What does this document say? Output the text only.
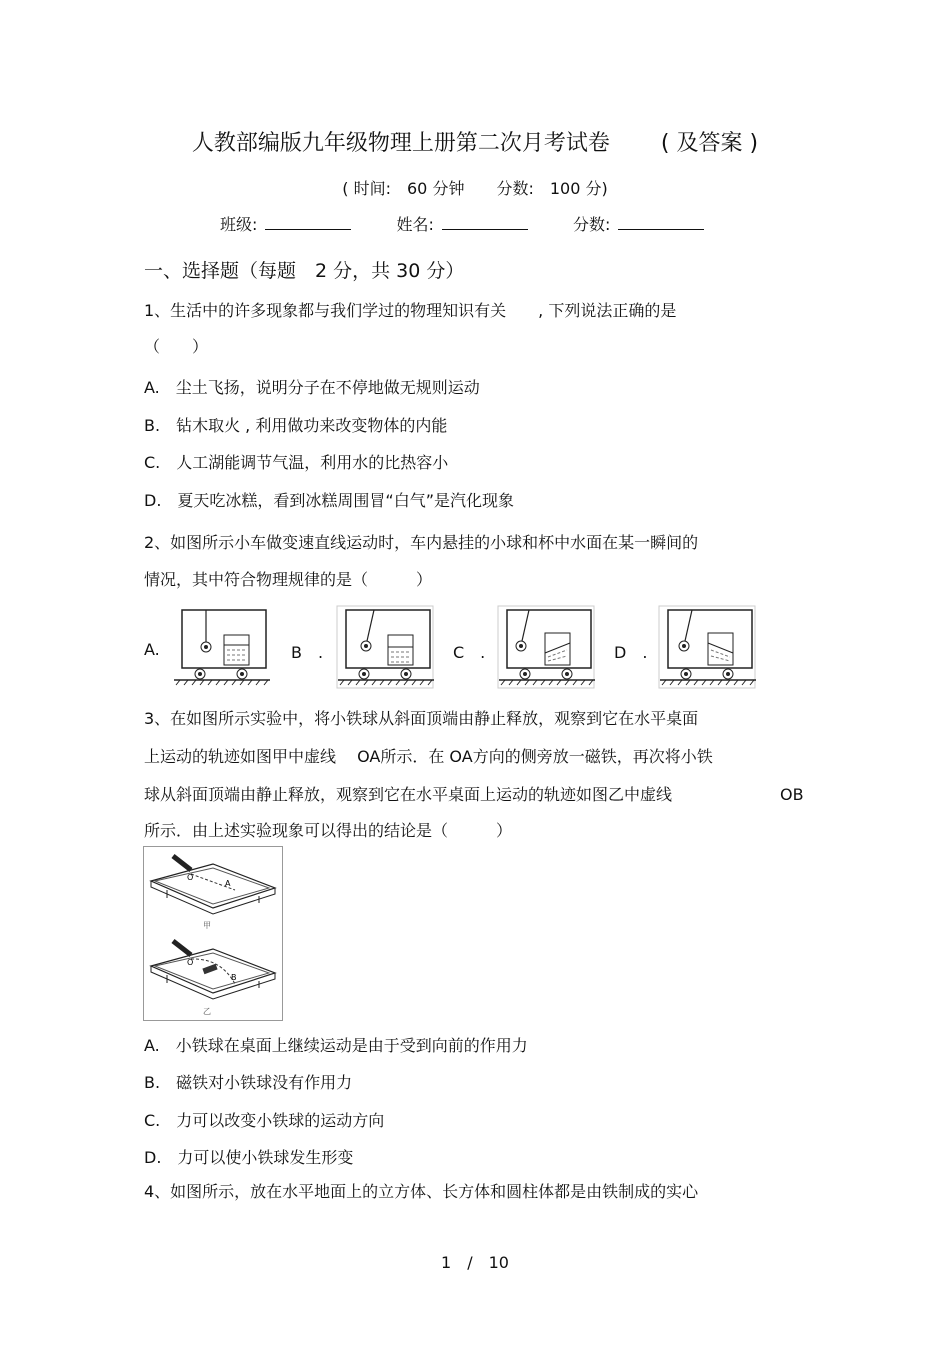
人教部编版九年级物理上册第二次月考试卷　　 ( 及答案 )
( 时间:　60 分钟　　分数:　100 分)
班级:	姓名:	分数:
一、选择题（每题　2 分，共 30 分）
1、生活中的许多现象都与我们学过的物理知识有关　　, 下列说法正确的是
（　　）
A.　尘土飞扬，说明分子在不停地做无规则运动
B.　钻木取火 , 利用做功来改变物体的内能
C.　人工湖能调节气温，利用水的比热容小
D.　夏天吃冰糕，看到冰糕周围冒“白气”是汽化现象
2、如图所示小车做变速直线运动时，车内悬挂的小球和杯中水面在某一瞬间的
情况，其中符合物理规律的是（　　　）
A.	B　.	C　.	D　.
3、在如图所示实验中，将小铁球从斜面顶端由静止释放，观察到它在水平桌面
上运动的轨迹如图甲中虚线　 OA所示．在 OA方向的侧旁放一磁铁，再次将小铁
球从斜面顶端由静止释放，观察到它在水平桌面上运动的轨迹如图乙中虚线	OB
所示．由上述实验现象可以得出的结论是（　　　）
O
A
甲
O
B
乙
A.　小铁球在桌面上继续运动是由于受到向前的作用力
B.　磁铁对小铁球没有作用力
C.　力可以改变小铁球的运动方向
D.　力可以使小铁球发生形变
4、如图所示，放在水平地面上的立方体、长方体和圆柱体都是由铁制成的实心
1　/　10
